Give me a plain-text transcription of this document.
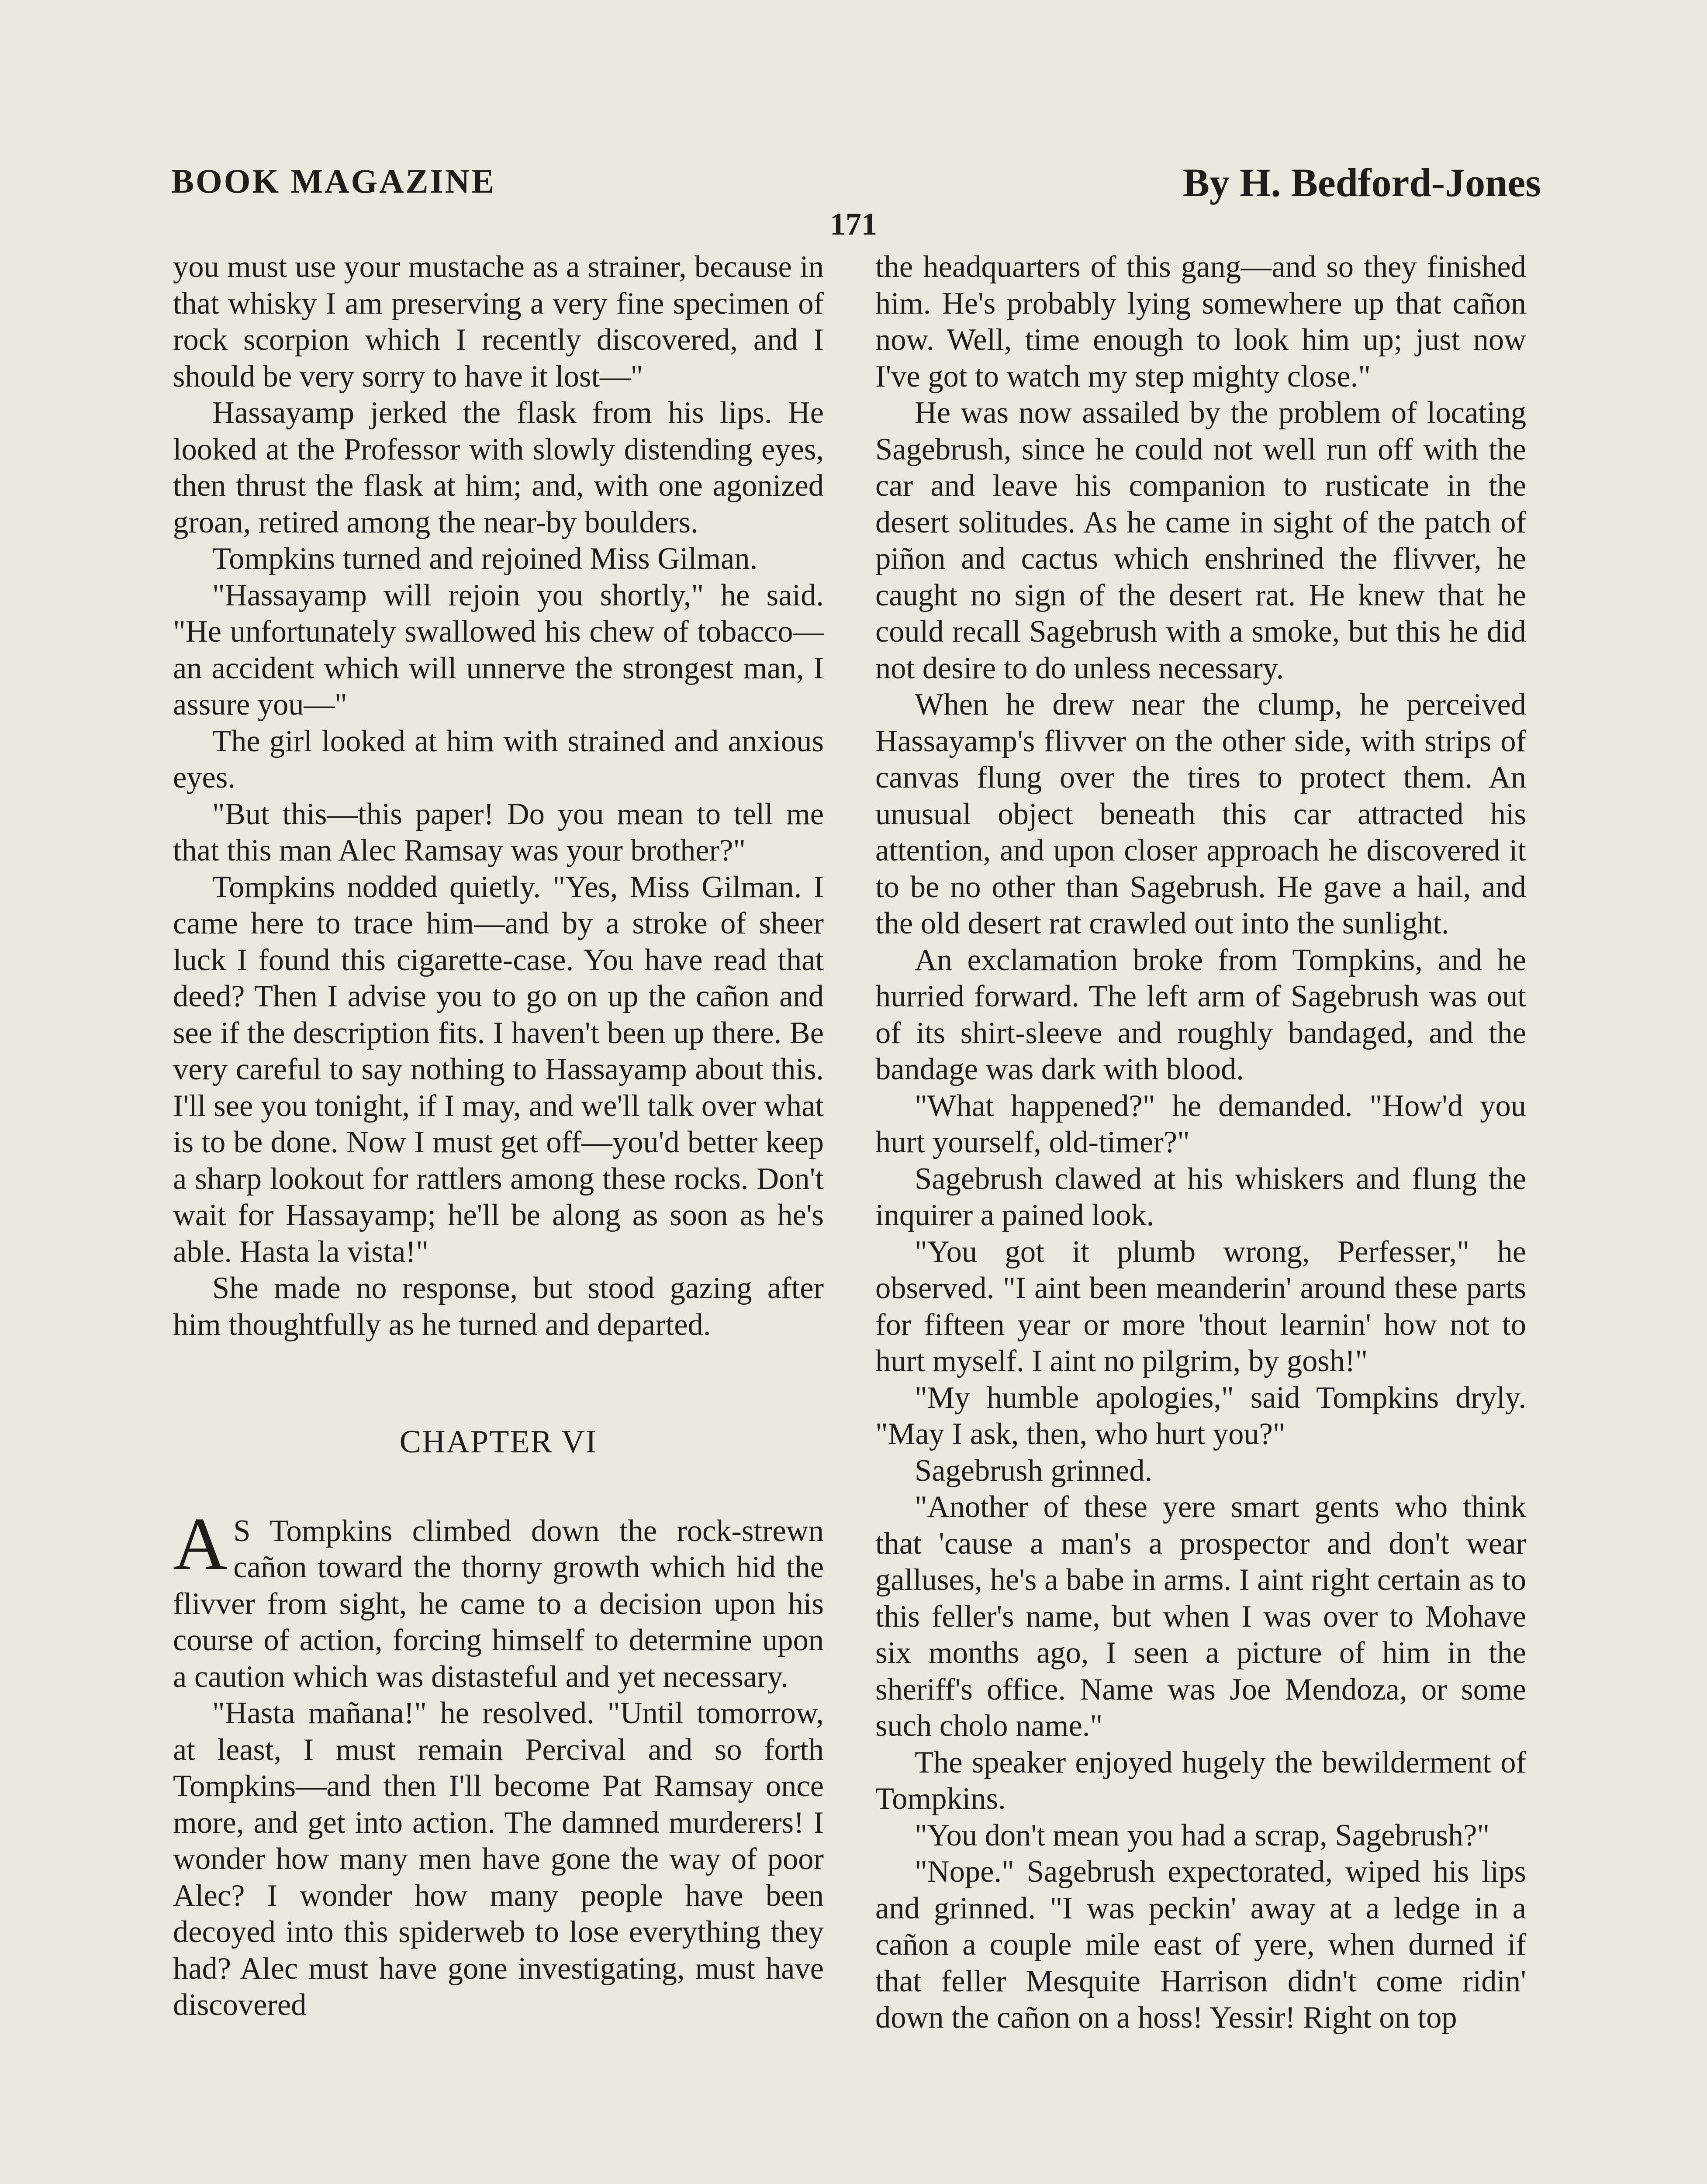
BOOK MAGAZINE	By H. Bedford-Jones
171

you must use your mustache as a strainer, because in that whisky I am preserving a very fine specimen of rock scorpion which I recently discovered, and I should be very sorry to have it lost—"

Hassayamp jerked the flask from his lips. He looked at the Professor with slowly distending eyes, then thrust the flask at him; and, with one agonized groan, retired among the near-by boulders.

Tompkins turned and rejoined Miss Gilman.

"Hassayamp will rejoin you shortly," he said. "He unfortunately swallowed his chew of tobacco—an accident which will unnerve the strongest man, I assure you—"

The girl looked at him with strained and anxious eyes.

"But this—this paper! Do you mean to tell me that this man Alec Ramsay was your brother?"

Tompkins nodded quietly. "Yes, Miss Gilman. I came here to trace him—and by a stroke of sheer luck I found this cigarette-case. You have read that deed? Then I advise you to go on up the cañon and see if the description fits. I haven't been up there. Be very careful to say nothing to Hassayamp about this. I'll see you tonight, if I may, and we'll talk over what is to be done. Now I must get off—you'd better keep a sharp lookout for rattlers among these rocks. Don't wait for Hassayamp; he'll be along as soon as he's able. Hasta la vista!"

She made no response, but stood gazing after him thoughtfully as he turned and departed.

CHAPTER VI

A S Tompkins climbed down the rock-strewn cañon toward the thorny growth which hid the flivver from sight, he came to a decision upon his course of action, forcing himself to determine upon a caution which was distasteful and yet necessary.

"Hasta mañana!" he resolved. "Until tomorrow, at least, I must remain Percival and so forth Tompkins—and then I'll become Pat Ramsay once more, and get into action. The damned murderers! I wonder how many men have gone the way of poor Alec? I wonder how many people have been decoyed into this spiderweb to lose everything they had? Alec must have gone investigating, must have discovered

the headquarters of this gang—and so they finished him. He's probably lying somewhere up that cañon now. Well, time enough to look him up; just now I've got to watch my step mighty close."

He was now assailed by the problem of locating Sagebrush, since he could not well run off with the car and leave his companion to rusticate in the desert solitudes. As he came in sight of the patch of piñon and cactus which enshrined the flivver, he caught no sign of the desert rat. He knew that he could recall Sagebrush with a smoke, but this he did not desire to do unless necessary.

When he drew near the clump, he perceived Hassayamp's flivver on the other side, with strips of canvas flung over the tires to protect them. An unusual object beneath this car attracted his attention, and upon closer approach he discovered it to be no other than Sagebrush. He gave a hail, and the old desert rat crawled out into the sunlight.

An exclamation broke from Tompkins, and he hurried forward. The left arm of Sagebrush was out of its shirt-sleeve and roughly bandaged, and the bandage was dark with blood.

"What happened?" he demanded. "How'd you hurt yourself, old-timer?"

Sagebrush clawed at his whiskers and flung the inquirer a pained look.

"You got it plumb wrong, Perfesser," he observed. "I aint been meanderin' around these parts for fifteen year or more 'thout learnin' how not to hurt myself. I aint no pilgrim, by gosh!"

"My humble apologies," said Tompkins dryly. "May I ask, then, who hurt you?"

Sagebrush grinned.

"Another of these yere smart gents who think that 'cause a man's a prospector and don't wear galluses, he's a babe in arms. I aint right certain as to this feller's name, but when I was over to Mohave six months ago, I seen a picture of him in the sheriff's office. Name was Joe Mendoza, or some such cholo name."

The speaker enjoyed hugely the bewilderment of Tompkins.

"You don't mean you had a scrap, Sagebrush?"

"Nope." Sagebrush expectorated, wiped his lips and grinned. "I was peckin' away at a ledge in a cañon a couple mile east of yere, when durned if that feller Mesquite Harrison didn't come ridin' down the cañon on a hoss! Yessir! Right on top
